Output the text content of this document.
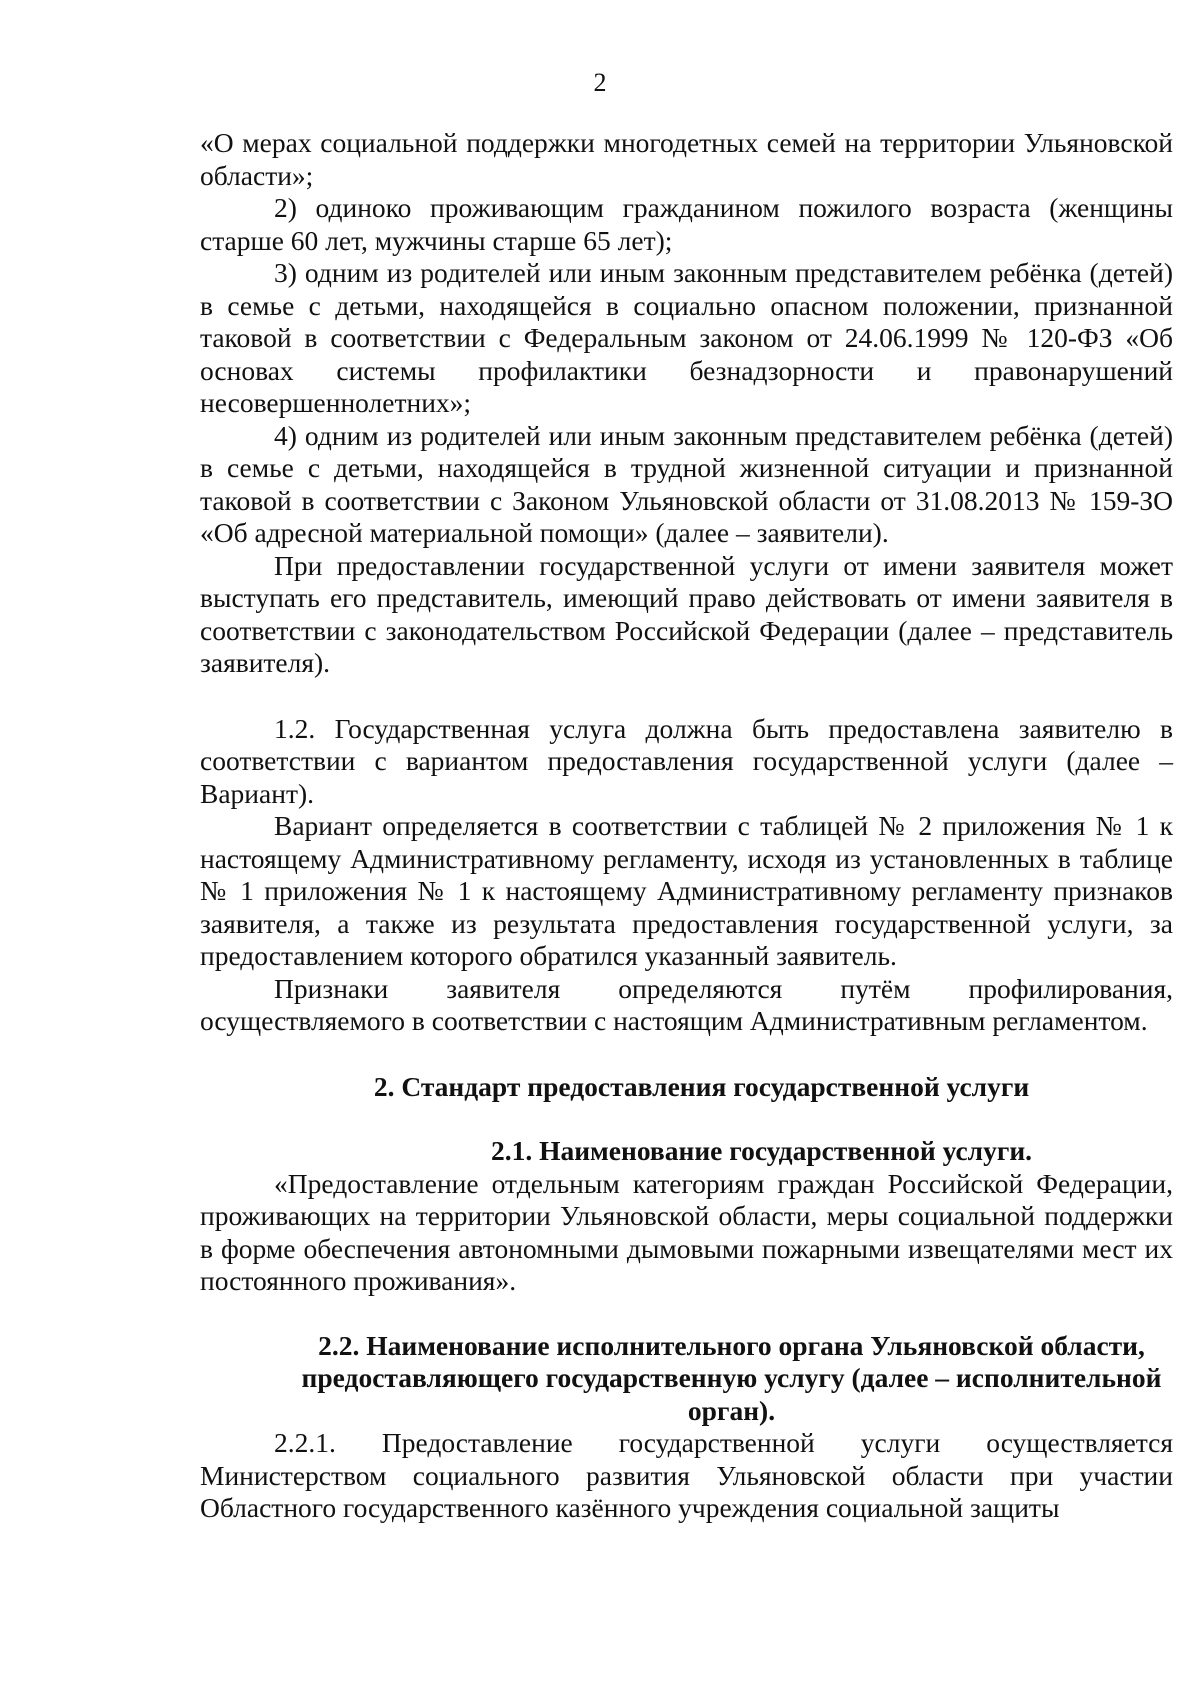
2

«О мерах социальной поддержки многодетных семей на территории Ульяновской области»;

2) одиноко проживающим гражданином пожилого возраста (женщины старше 60 лет, мужчины старше 65 лет);

3) одним из родителей или иным законным представителем ребёнка (детей) в семье с детьми, находящейся в социально опасном положении, признанной таковой в соответствии с Федеральным законом от 24.06.1999 № 120-ФЗ «Об основах системы профилактики безнадзорности и правонарушений несовершеннолетних»;

4) одним из родителей или иным законным представителем ребёнка (детей) в семье с детьми, находящейся в трудной жизненной ситуации и признанной таковой в соответствии с Законом Ульяновской области от 31.08.2013 № 159-ЗО «Об адресной материальной помощи» (далее – заявители).

При предоставлении государственной услуги от имени заявителя может выступать его представитель, имеющий право действовать от имени заявителя в соответствии с законодательством Российской Федерации (далее – представитель заявителя).

1.2. Государственная услуга должна быть предоставлена заявителю в соответствии с вариантом предоставления государственной услуги (далее – Вариант).

Вариант определяется в соответствии с таблицей № 2 приложения № 1 к настоящему Административному регламенту, исходя из установленных в таблице № 1 приложения № 1 к настоящему Административному регламенту признаков заявителя, а также из результата предоставления государственной услуги, за предоставлением которого обратился указанный заявитель.

Признаки заявителя определяются путём профилирования, осуществляемого в соответствии с настоящим Административным регламентом.

2. Стандарт предоставления государственной услуги
2.1. Наименование государственной услуги.

«Предоставление отдельным категориям граждан Российской Федерации, проживающих на территории Ульяновской области, меры социальной поддержки в форме обеспечения автономными дымовыми пожарными извещателями мест их постоянного проживания».

2.2. Наименование исполнительного органа Ульяновской области, предоставляющего государственную услугу (далее – исполнительной орган).

2.2.1. Предоставление государственной услуги осуществляется Министерством социального развития Ульяновской области при участии Областного государственного казённого учреждения социальной защиты
